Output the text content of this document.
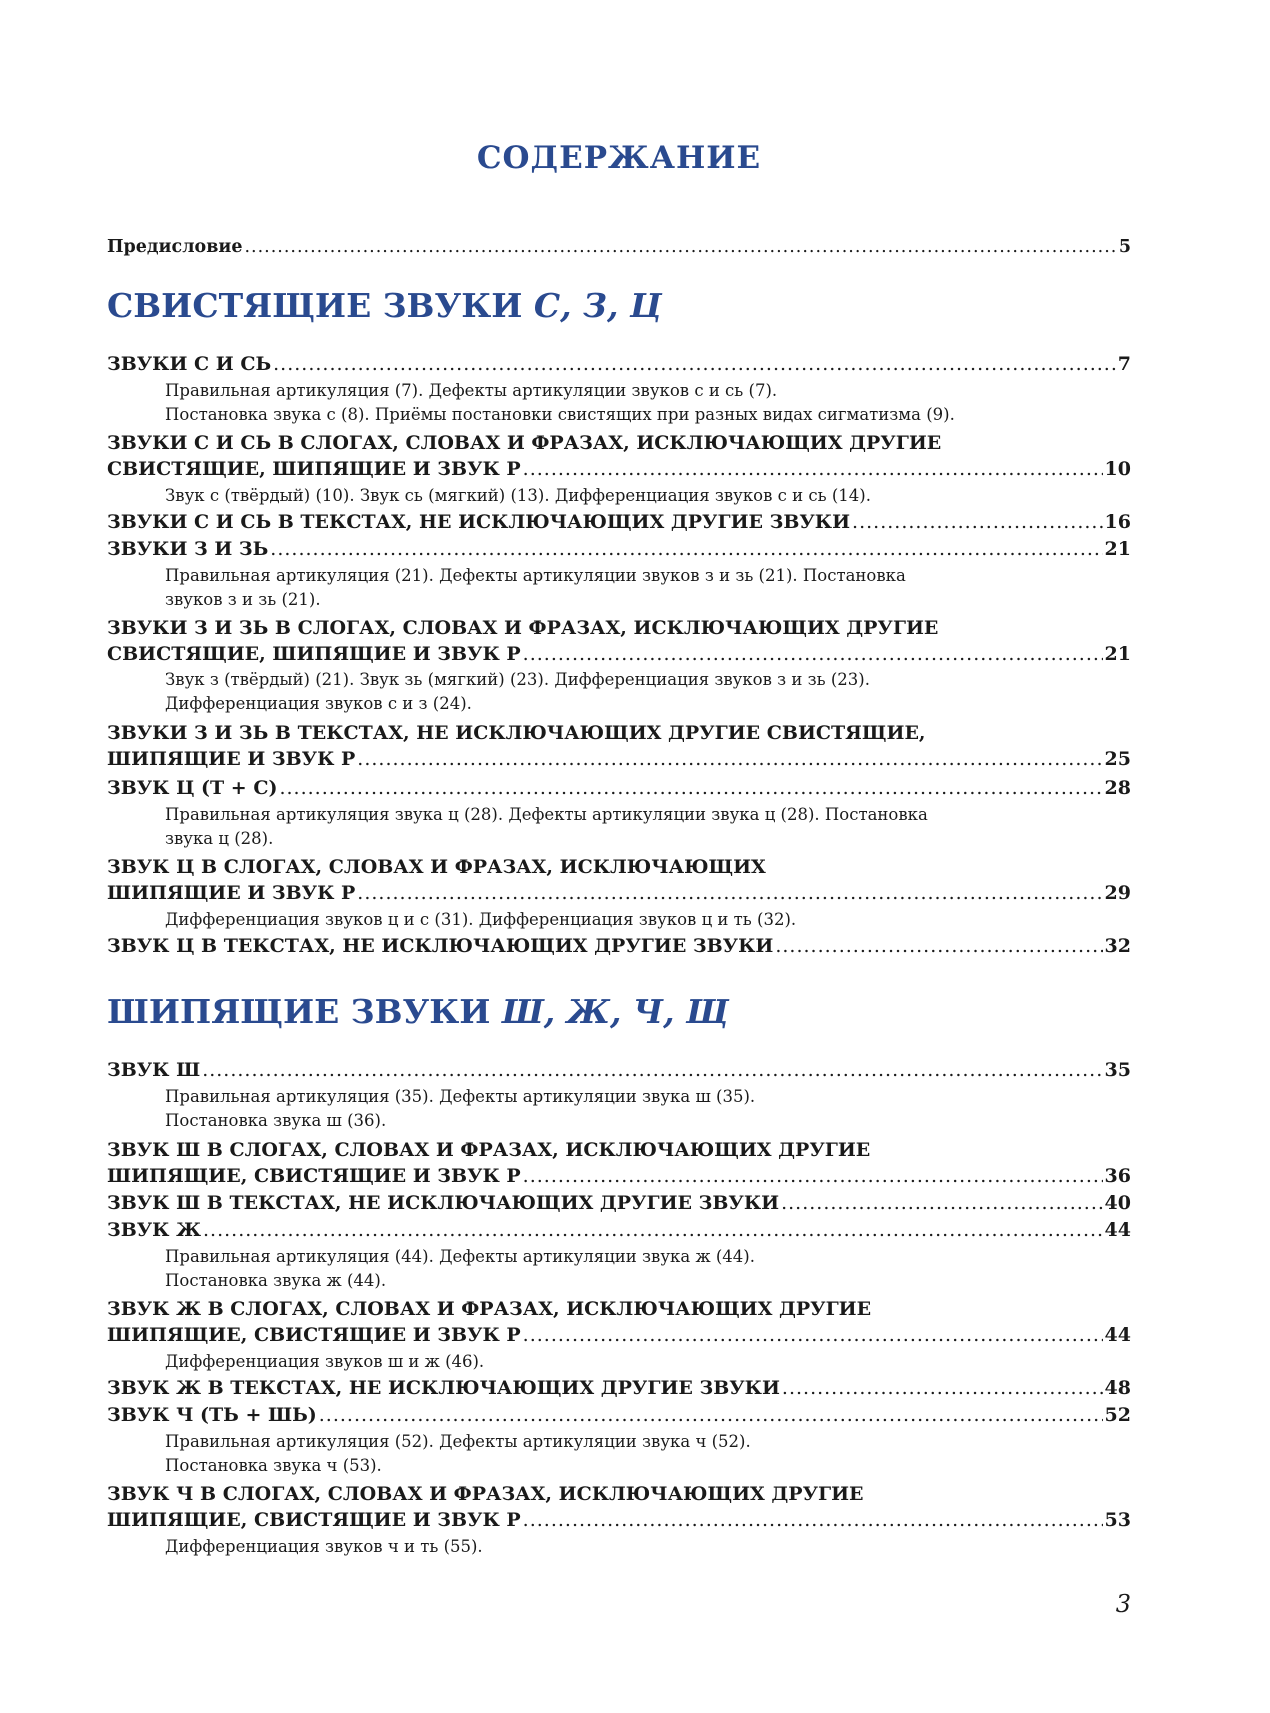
СОДЕРЖАНИЕ
Предисловие .....	5
СВИСТЯЩИЕ ЗВУКИ С, З, Ц
ЗВУКИ С И СЬ .....	7
Правильная артикуляция (7). Дефекты артикуляции звуков с и сь (7).
Постановка звука с (8). Приёмы постановки свистящих при разных видах сигматизма (9).
ЗВУКИ С И СЬ В СЛОГАХ, СЛОВАХ И ФРАЗАХ, ИСКЛЮЧАЮЩИХ ДРУГИЕ
СВИСТЯЩИЕ, ШИПЯЩИЕ И ЗВУК Р .....	10
Звук с (твёрдый) (10). Звук сь (мягкий) (13). Дифференциация звуков с и сь (14).
ЗВУКИ С И СЬ В ТЕКСТАХ, НЕ ИСКЛЮЧАЮЩИХ ДРУГИЕ ЗВУКИ .....	16
ЗВУКИ З И ЗЬ .....	21
Правильная артикуляция (21). Дефекты артикуляции звуков з и зь (21). Постановка
звуков з и зь (21).
ЗВУКИ З И ЗЬ В СЛОГАХ, СЛОВАХ И ФРАЗАХ, ИСКЛЮЧАЮЩИХ ДРУГИЕ
СВИСТЯЩИЕ, ШИПЯЩИЕ И ЗВУК Р .....	21
Звук з (твёрдый) (21). Звук зь (мягкий) (23). Дифференциация звуков з и зь (23).
Дифференциация звуков с и з (24).
ЗВУКИ З И ЗЬ В ТЕКСТАХ, НЕ ИСКЛЮЧАЮЩИХ ДРУГИЕ СВИСТЯЩИЕ,
ШИПЯЩИЕ И ЗВУК Р .....	25
ЗВУК Ц (Т + С) .....	28
Правильная артикуляция звука ц (28). Дефекты артикуляции звука ц (28). Постановка
звука ц (28).
ЗВУК Ц В СЛОГАХ, СЛОВАХ И ФРАЗАХ, ИСКЛЮЧАЮЩИХ
ШИПЯЩИЕ И ЗВУК Р .....	29
Дифференциация звуков ц и с (31). Дифференциация звуков ц и ть (32).
ЗВУК Ц В ТЕКСТАХ, НЕ ИСКЛЮЧАЮЩИХ ДРУГИЕ ЗВУКИ .....	32
ШИПЯЩИЕ ЗВУКИ Ш, Ж, Ч, Щ
ЗВУК Ш .....	35
Правильная артикуляция (35). Дефекты артикуляции звука ш (35).
Постановка звука ш (36).
ЗВУК Ш В СЛОГАХ, СЛОВАХ И ФРАЗАХ, ИСКЛЮЧАЮЩИХ ДРУГИЕ
ШИПЯЩИЕ, СВИСТЯЩИЕ И ЗВУК Р .....	36
ЗВУК Ш В ТЕКСТАХ, НЕ ИСКЛЮЧАЮЩИХ ДРУГИЕ ЗВУКИ .....	40
ЗВУК Ж .....	44
Правильная артикуляция (44). Дефекты артикуляции звука ж (44).
Постановка звука ж (44).
ЗВУК Ж В СЛОГАХ, СЛОВАХ И ФРАЗАХ, ИСКЛЮЧАЮЩИХ ДРУГИЕ
ШИПЯЩИЕ, СВИСТЯЩИЕ И ЗВУК Р .....	44
Дифференциация звуков ш и ж (46).
ЗВУК Ж В ТЕКСТАХ, НЕ ИСКЛЮЧАЮЩИХ ДРУГИЕ ЗВУКИ .....	48
ЗВУК Ч (ТЬ + ШЬ) .....	52
Правильная артикуляция (52). Дефекты артикуляции звука ч (52).
Постановка звука ч (53).
ЗВУК Ч В СЛОГАХ, СЛОВАХ И ФРАЗАХ, ИСКЛЮЧАЮЩИХ ДРУГИЕ
ШИПЯЩИЕ, СВИСТЯЩИЕ И ЗВУК Р .....	53
Дифференциация звуков ч и ть (55).
3
